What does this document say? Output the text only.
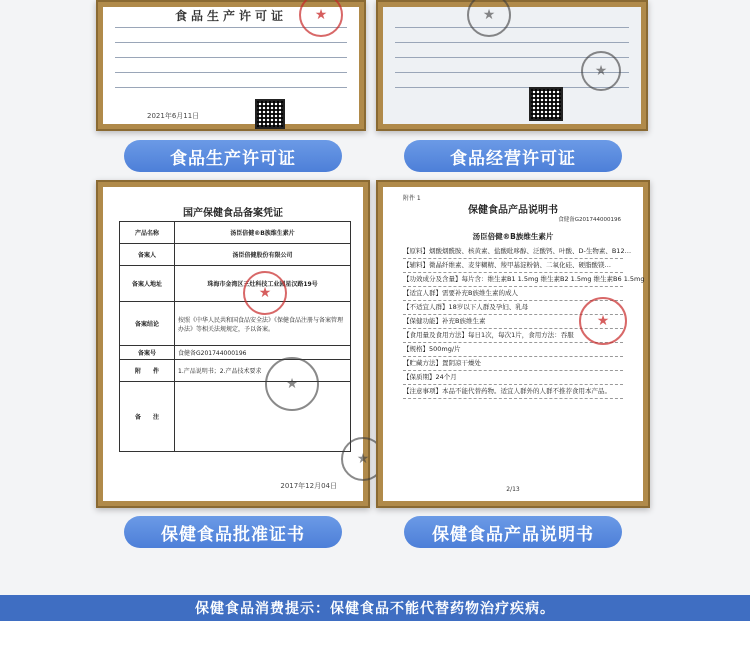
食品生产许可证	★
2021年6月11日
食品生产许可证
★
★
食品经营许可证
国产保健食品备案凭证
产品名称	汤臣倍健®B族维生素片
备案人	汤臣倍健股份有限公司
备案人地址	珠海市金湾区三灶科技工业园星汉路19号
备案结论	按照《中华人民共和国食品安全法》《保健食品注册与备案管理办法》等相关法规规定，予以备案。
备案号	食健备G201744000196
附　　件	1.产品说明书；2.产品技术要求
备　　注	
★
★
★
2017年12月04日
保健食品批准证书
附件 1
保健食品产品说明书
食健备G201744000196
汤臣倍健®B族维生素片
【原料】烟酸烟酰胺、核黄素、盐酸吡哆醇、泛酸钙、叶酸、D-生物素、B12…
【辅料】微晶纤维素、麦芽糊精、羧甲基淀粉钠、二氧化硅、硬脂酸镁…
【功效成分及含量】每片含：维生素B1 1.5mg 维生素B2 1.5mg 维生素B6 1.5mg
【适宜人群】需要补充B族维生素的成人
【不适宜人群】18岁以下人群及孕妇、乳母
【保健功能】补充B族维生素
【食用量及食用方法】每日1次，每次1片，食用方法：吞服
【规格】500mg/片
【贮藏方法】置阴凉干燥处
【保质期】24个月
【注意事项】本品不能代替药物。适宜人群外的人群不推荐食用本产品。
★
2/13
保健食品产品说明书
保健食品消费提示：保健食品不能代替药物治疗疾病。
